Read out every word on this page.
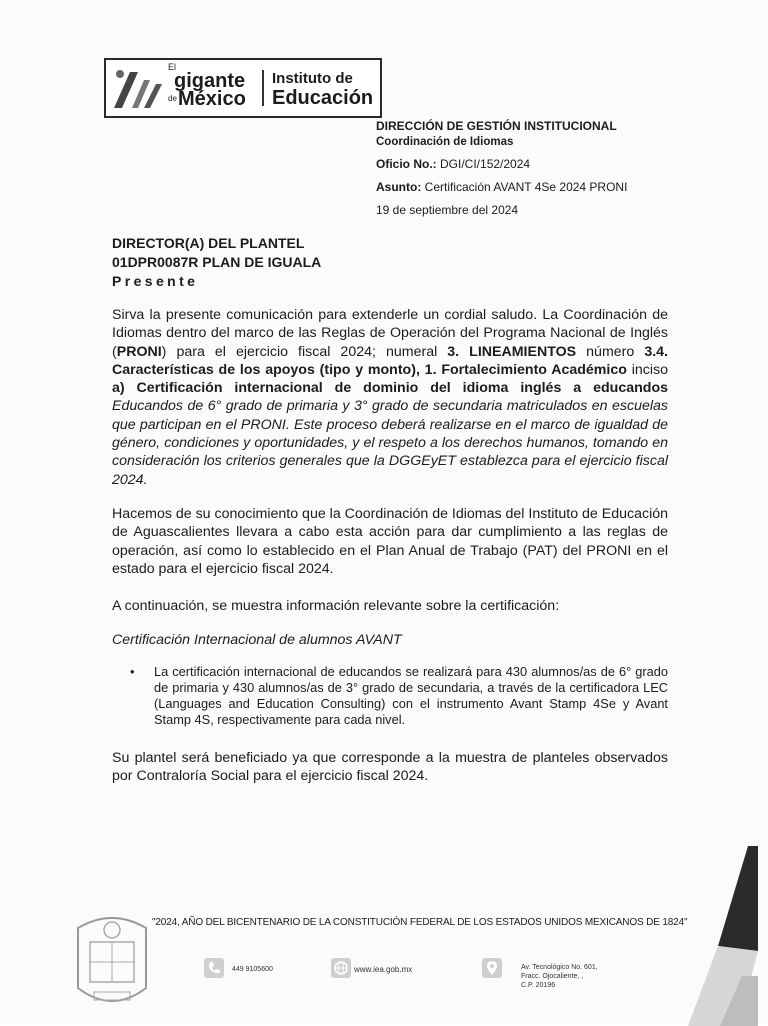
El
gigante
de México
Instituto de
Educación
DIRECCIÓN DE GESTIÓN INSTITUCIONAL
Coordinación de Idiomas
Oficio No.: DGI/CI/152/2024
Asunto: Certificación AVANT 4Se 2024 PRONI
19 de septiembre del 2024
DIRECTOR(A) DEL PLANTEL
01DPR0087R PLAN DE IGUALA
Presente
Sirva la presente comunicación para extenderle un cordial saludo. La Coordinación de Idiomas dentro del marco de las Reglas de Operación del Programa Nacional de Inglés (PRONI) para el ejercicio fiscal 2024; numeral 3. LINEAMIENTOS número 3.4. Características de los apoyos (tipo y monto), 1. Fortalecimiento Académico inciso a) Certificación internacional de dominio del idioma inglés a educandos Educandos de 6° grado de primaria y 3° grado de secundaria matriculados en escuelas que participan en el PRONI. Este proceso deberá realizarse en el marco de igualdad de género, condiciones y oportunidades, y el respeto a los derechos humanos, tomando en consideración los criterios generales que la DGGEyET establezca para el ejercicio fiscal 2024.
Hacemos de su conocimiento que la Coordinación de Idiomas del Instituto de Educación de Aguascalientes llevara a cabo esta acción para dar cumplimiento a las reglas de operación, así como lo establecido en el Plan Anual de Trabajo (PAT) del PRONI en el estado para el ejercicio fiscal 2024.
A continuación, se muestra información relevante sobre la certificación:
Certificación Internacional de alumnos AVANT
• La certificación internacional de educandos se realizará para 430 alumnos/as de 6° grado de primaria y 430 alumnos/as de 3° grado de secundaria, a través de la certificadora LEC (Languages and Education Consulting) con el instrumento Avant Stamp 4Se y Avant Stamp 4S, respectivamente para cada nivel.
Su plantel será beneficiado ya que corresponde a la muestra de planteles observados por Contraloría Social para el ejercicio fiscal 2024.
"2024, AÑO DEL BICENTENARIO DE LA CONSTITUCIÓN FEDERAL DE LOS ESTADOS UNIDOS MEXICANOS DE 1824"
449 9105600	www.iea.gob.mx	Av. Tecnológico No. 601,
Fracc. Ojocaliente, ,
C.P. 20196
